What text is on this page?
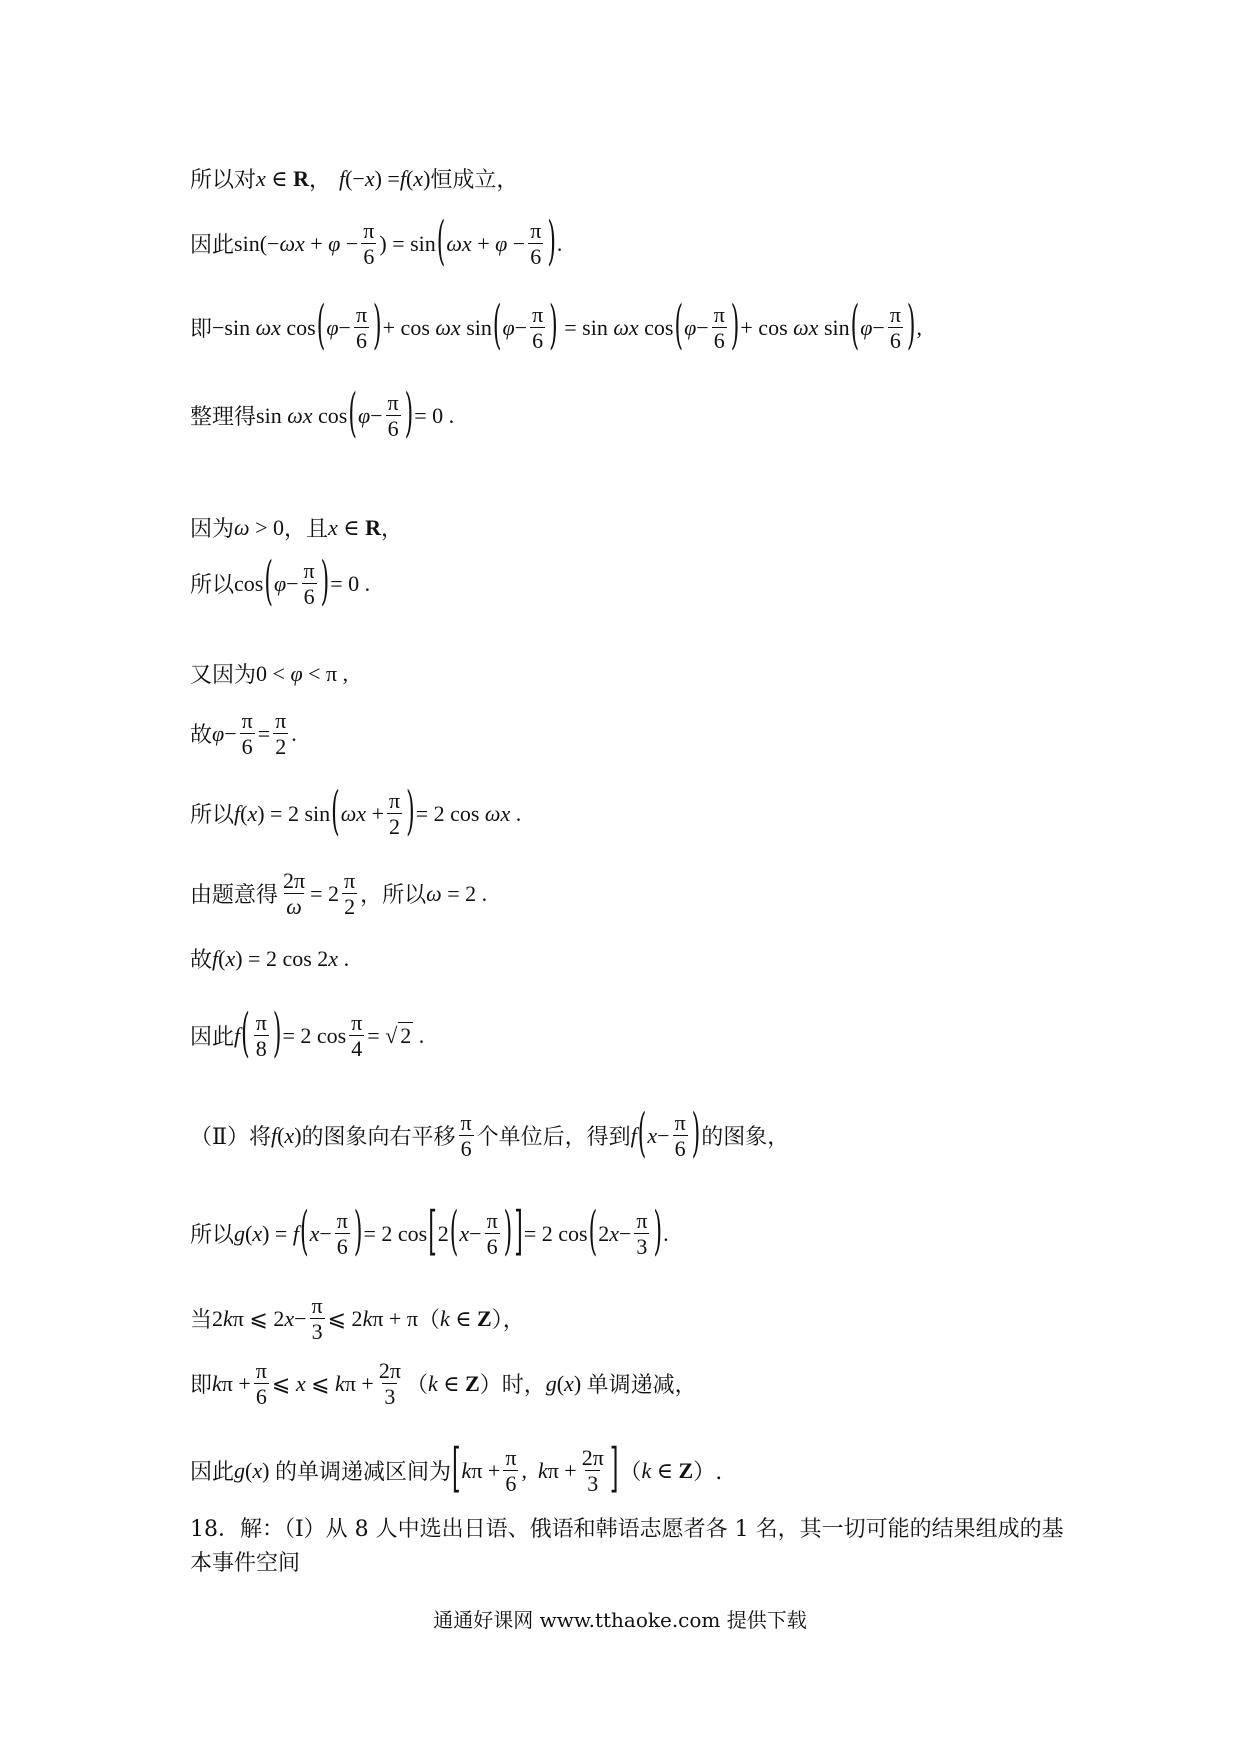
所以对 x ∈ R ， f (− x ) = f ( x ) 恒成立，
因此 $\sin(- \omega x + \varphi - \frac{\pi}{6}$ ) = sin ( $\omega x + \varphi - \frac{\pi}{6}$ ) .
即 −sin ωx cos ( $\varphi - \frac{\pi}{6}$ ) + cos ωx sin ( $\varphi - \frac{\pi}{6}$ ) = sin ωx cos ( $\varphi - \frac{\pi}{6}$ ) + cos ωx sin ( $\varphi - \frac{\pi}{6}$ ) ,
整理得 sin ωx cos ( $\varphi - \frac{\pi}{6}$ ) = 0 .
因为 ω > 0 ，且 x ∈ R ，
所以 cos ( $\varphi - \frac{\pi}{6}$ ) = 0 .
又因为 0 < φ < π ,
故 $\varphi - \frac{\pi}{6} = \frac{\pi}{2}$ .
所以 f ( x ) = 2 sin ( $\omega x + \frac{\pi}{2}$ ) = 2 cos ωx .
由题意得 $\frac{2\pi}{\omega} = 2 \frac{\pi}{2}$ ，所以 ω = 2 .
故 f ( x ) = 2 cos 2 x .
因此 f ( $\frac{\pi}{8}$ ) = 2 $\cos \frac{\pi}{4}$ = √ 2 .
（Ⅱ）将 f ( x ) 的图象向右平移 $\frac{\pi}{6}$ 个单位后，得到 f ( $x - \frac{\pi}{6}$ ) 的图象，
所以 g ( x ) = f ( $x - \frac{\pi}{6}$ ) = 2 cos [ 2 ( $x - \frac{\pi}{6}$ ) ] = 2 cos ( 2 $x - \frac{\pi}{3}$ ) .
当 2 k π ⩽ 2 $x - \frac{\pi}{3}$ ⩽ 2 k π + π （ k ∈ Z ），
即 k $\pi + \frac{\pi}{6}$ ⩽ x ⩽ k $\pi + \frac{2\pi}{3}$ （ k ∈ Z ）时， g ( x ) 单调递减，
因此 g ( x ) 的单调递减区间为 [ k $\pi + \frac{\pi}{6}$ , k $\pi + \frac{2\pi}{3}$ ] （ k ∈ Z ）.
18．解：（Ⅰ）从 8 人中选出日语、俄语和韩语志愿者各 1 名，其一切可能的结果组成的基
本事件空间
通通好课网 www.tthaoke.com 提供下载
